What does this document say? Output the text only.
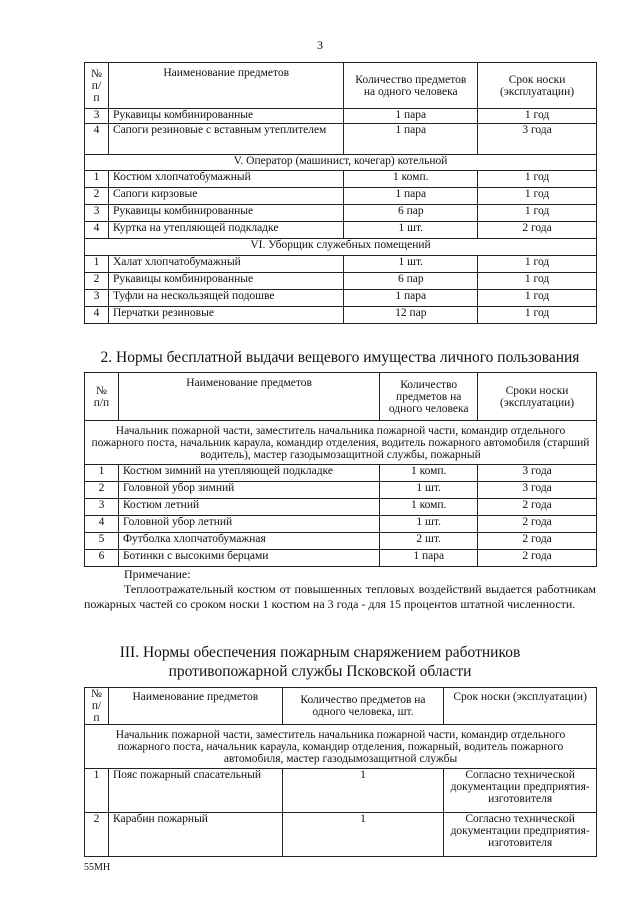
3
№
п/п	Наименование предметов	Количество предметов на одного человека	Срок носки (эксплуатации)
3	Рукавицы комбинированные	1 пара	1 год
4	Сапоги резиновые с вставным утеплителем	1 пара	3 года
V. Оператор (машинист, кочегар) котельной			
1	Костюм хлопчатобумажный	1 комп.	1 год
2	Сапоги кирзовые	1 пара	1 год
3	Рукавицы комбинированные	6 пар	1 год
4	Куртка на утепляющей подкладке	1 шт.	2 года
VI. Уборщик служебных помещений			
1	Халат хлопчатобумажный	1 шт.	1 год
2	Рукавицы комбинированные	6 пар	1 год
3	Туфли на нескользящей подошве	1 пара	1 год
4	Перчатки резиновые	12 пар	1 год
2. Нормы бесплатной выдачи вещевого имущества личного пользования
№
п/п	Наименование предметов	Количество предметов на одного человека	Сроки носки (эксплуатации)
Начальник пожарной части, заместитель начальника пожарной части, командир отдельного пожарного поста, начальник караула, командир отделения, водитель пожарного автомобиля (старший водитель), мастер газодымозащитной службы, пожарный			
1	Костюм зимний на утепляющей подкладке	1 комп.	3 года
2	Головной убор зимний	1 шт.	3 года
3	Костюм летний	1 комп.	2 года
4	Головной убор летний	1 шт.	2 года
5	Футболка хлопчатобумажная	2 шт.	2 года
6	Ботинки с высокими берцами	1 пара	2 года
Примечание:
Теплоотражательный костюм от повышенных тепловых воздействий выдается работникам пожарных частей со сроком носки 1 костюм на 3 года - для 15 процентов штатной численности.
III. Нормы обеспечения пожарным снаряжением работников
противопожарной службы Псковской области
№
п/п	Наименование предметов	Количество предметов на одного человека, шт.	Срок носки (эксплуатации)
Начальник пожарной части, заместитель начальника пожарной части, командир отдельного пожарного поста, начальник караула, командир отделения, пожарный, водитель пожарного автомобиля, мастер газодымозащитной службы			
1	Пояс пожарный спасательный	1	Согласно технической документации предприятия-изготовителя
2	Карабин пожарный	1	Согласно технической документации предприятия-изготовителя
55МН
